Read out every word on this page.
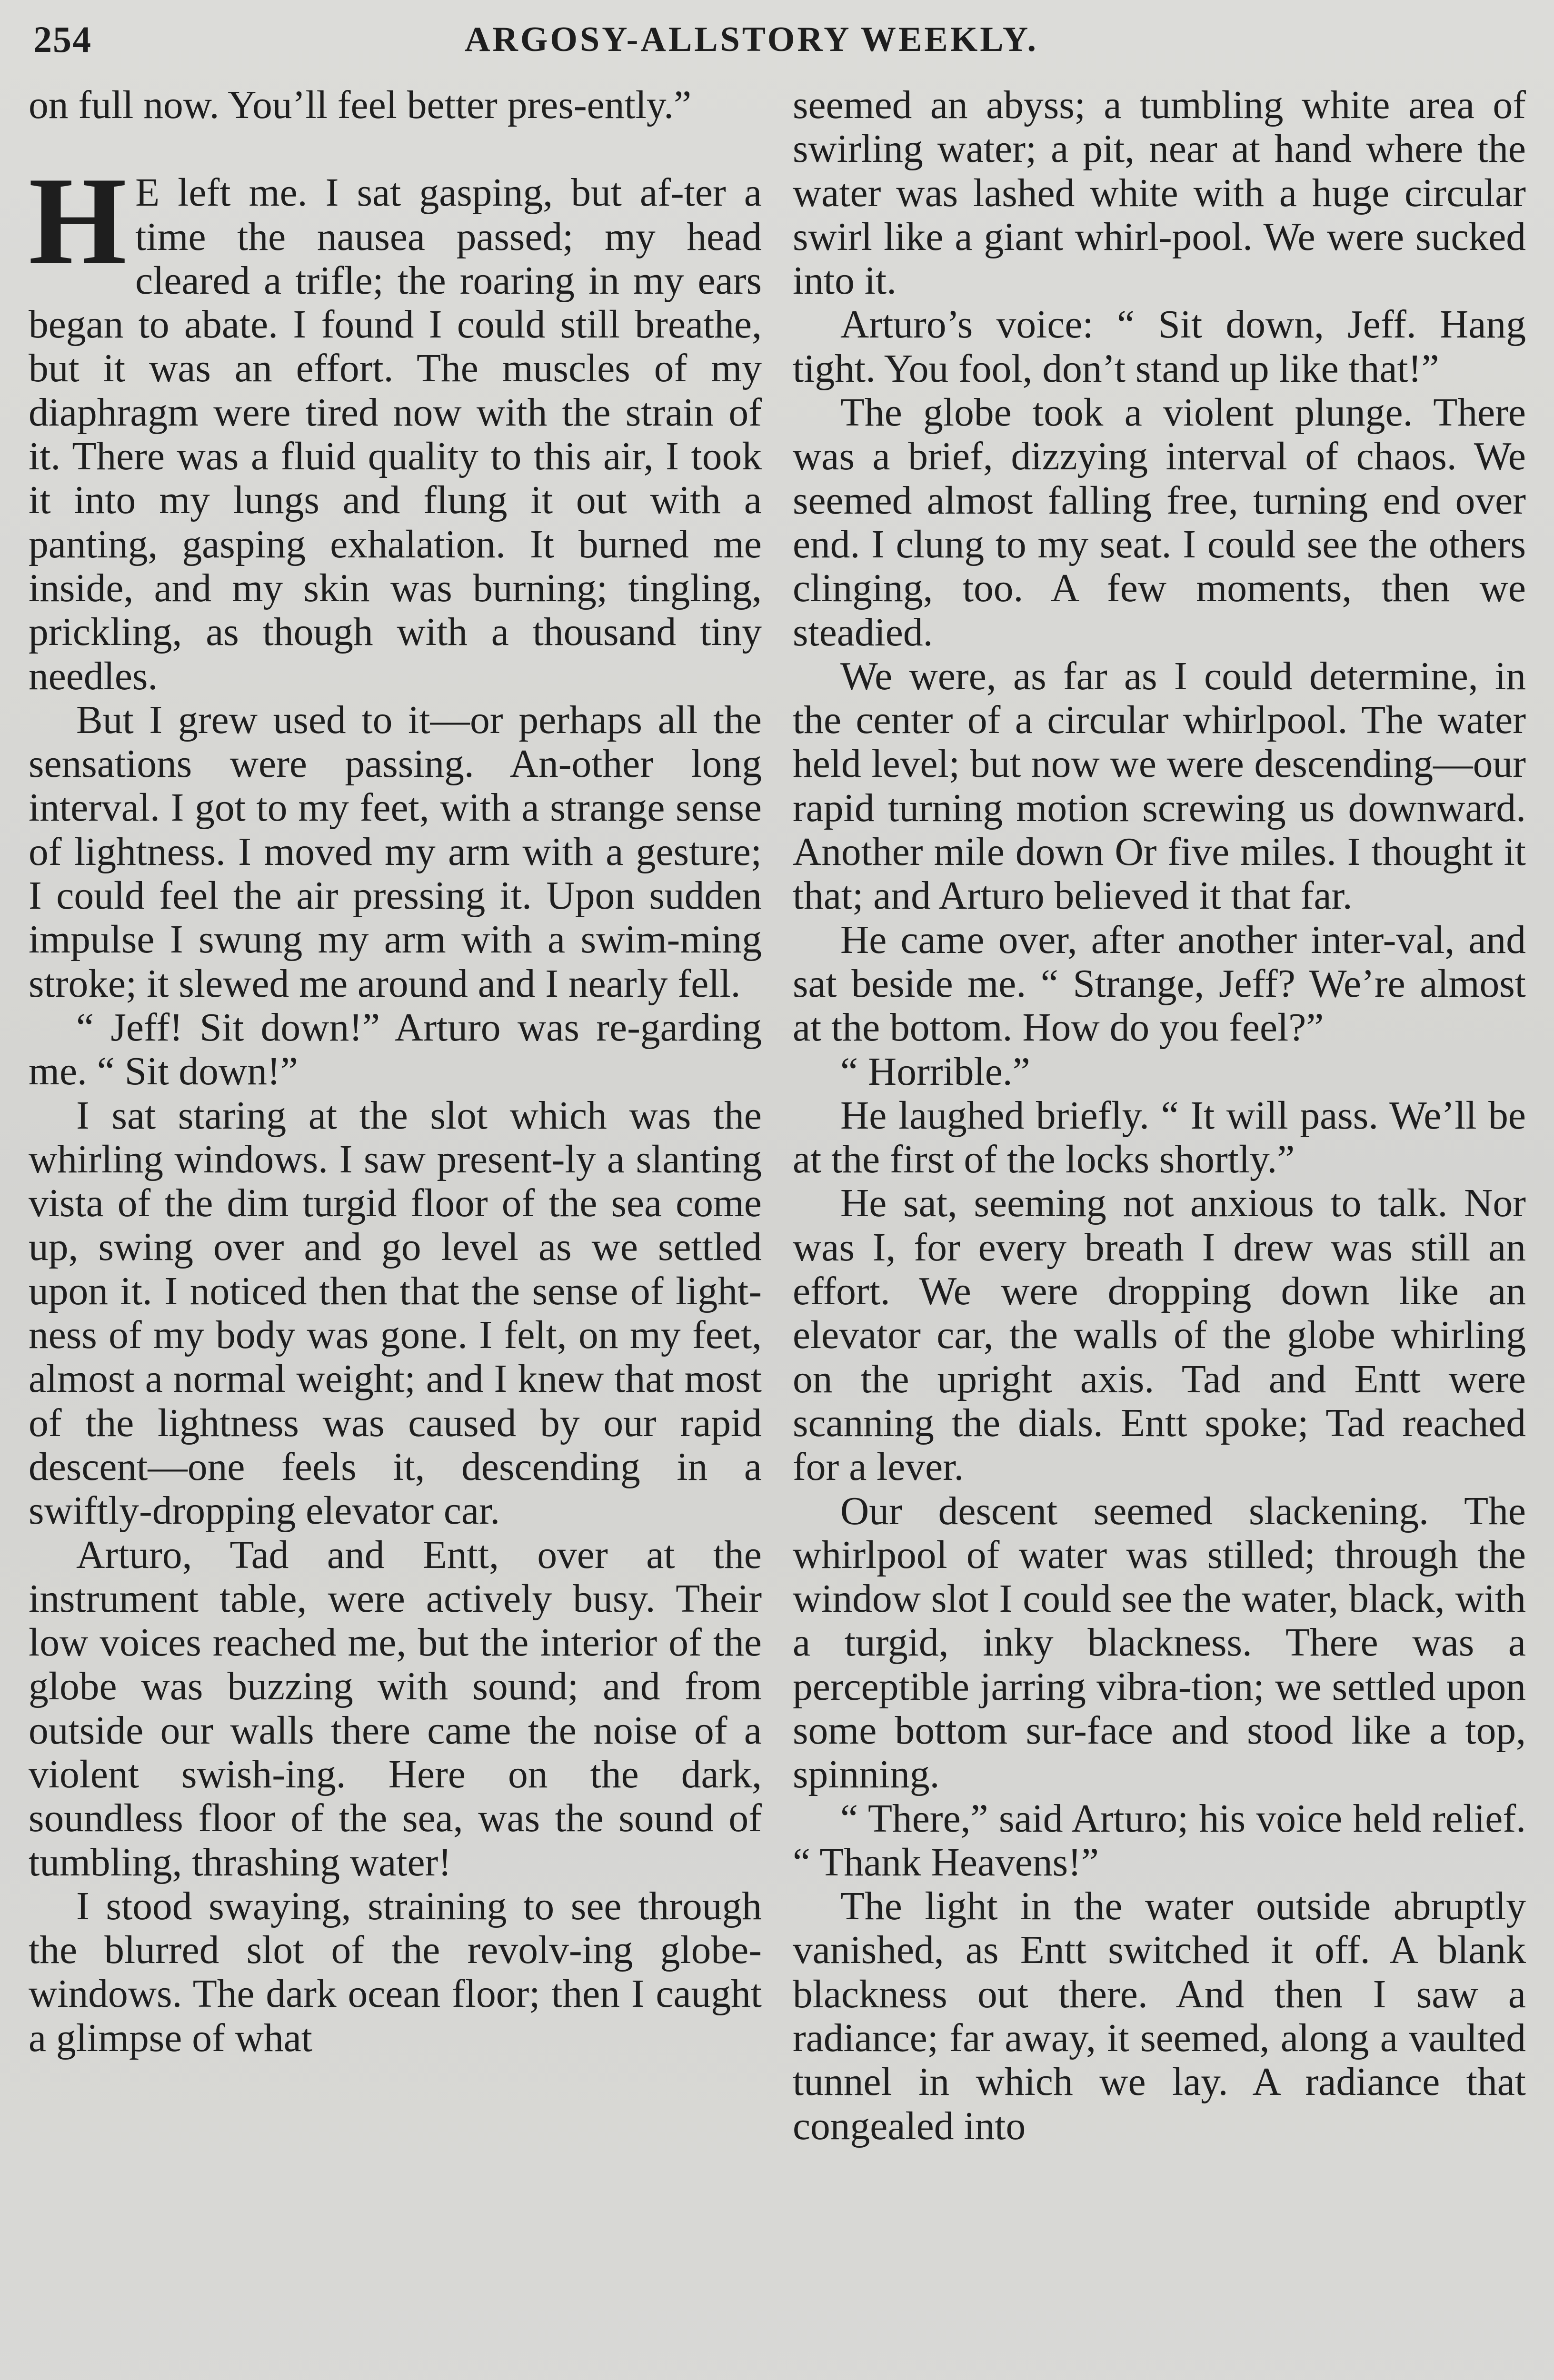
254	ARGOSY-ALLSTORY WEEKLY.

on full now. You’ll feel better pres-ently.”

H E left me. I sat gasping, but af-ter a time the nausea passed; my head cleared a trifle; the roaring in my ears began to abate. I found I could still breathe, but it was an effort. The muscles of my diaphragm were tired now with the strain of it. There was a fluid quality to this air, I took it into my lungs and flung it out with a panting, gasping exhalation. It burned me inside, and my skin was burning; tingling, prickling, as though with a thousand tiny needles.

But I grew used to it—or perhaps all the sensations were passing. An-other long interval. I got to my feet, with a strange sense of lightness. I moved my arm with a gesture; I could feel the air pressing it. Upon sudden impulse I swung my arm with a swim-ming stroke; it slewed me around and I nearly fell.

“ Jeff! Sit down!” Arturo was re-garding me. “ Sit down!”

I sat staring at the slot which was the whirling windows. I saw present-ly a slanting vista of the dim turgid floor of the sea come up, swing over and go level as we settled upon it. I noticed then that the sense of light-ness of my body was gone. I felt, on my feet, almost a normal weight; and I knew that most of the lightness was caused by our rapid descent—one feels it, descending in a swiftly-dropping elevator car.

Arturo, Tad and Entt, over at the instrument table, were actively busy. Their low voices reached me, but the interior of the globe was buzzing with sound; and from outside our walls there came the noise of a violent swish-ing. Here on the dark, soundless floor of the sea, was the sound of tumbling, thrashing water!

I stood swaying, straining to see through the blurred slot of the revolv-ing globe-windows. The dark ocean floor; then I caught a glimpse of what

seemed an abyss; a tumbling white area of swirling water; a pit, near at hand where the water was lashed white with a huge circular swirl like a giant whirl-pool. We were sucked into it.

Arturo’s voice: “ Sit down, Jeff. Hang tight. You fool, don’t stand up like that!”

The globe took a violent plunge. There was a brief, dizzying interval of chaos. We seemed almost falling free, turning end over end. I clung to my seat. I could see the others clinging, too. A few moments, then we steadied.

We were, as far as I could determine, in the center of a circular whirlpool. The water held level; but now we were descending—our rapid turning motion screwing us downward. Another mile down Or five miles. I thought it that; and Arturo believed it that far.

He came over, after another inter-val, and sat beside me. “ Strange, Jeff? We’re almost at the bottom. How do you feel?”

“ Horrible.”

He laughed briefly. “ It will pass. We’ll be at the first of the locks shortly.”

He sat, seeming not anxious to talk. Nor was I, for every breath I drew was still an effort. We were dropping down like an elevator car, the walls of the globe whirling on the upright axis. Tad and Entt were scanning the dials. Entt spoke; Tad reached for a lever.

Our descent seemed slackening. The whirlpool of water was stilled; through the window slot I could see the water, black, with a turgid, inky blackness. There was a perceptible jarring vibra-tion; we settled upon some bottom sur-face and stood like a top, spinning.

“ There,” said Arturo; his voice held relief. “ Thank Heavens!”

The light in the water outside abruptly vanished, as Entt switched it off. A blank blackness out there. And then I saw a radiance; far away, it seemed, along a vaulted tunnel in which we lay. A radiance that congealed into
